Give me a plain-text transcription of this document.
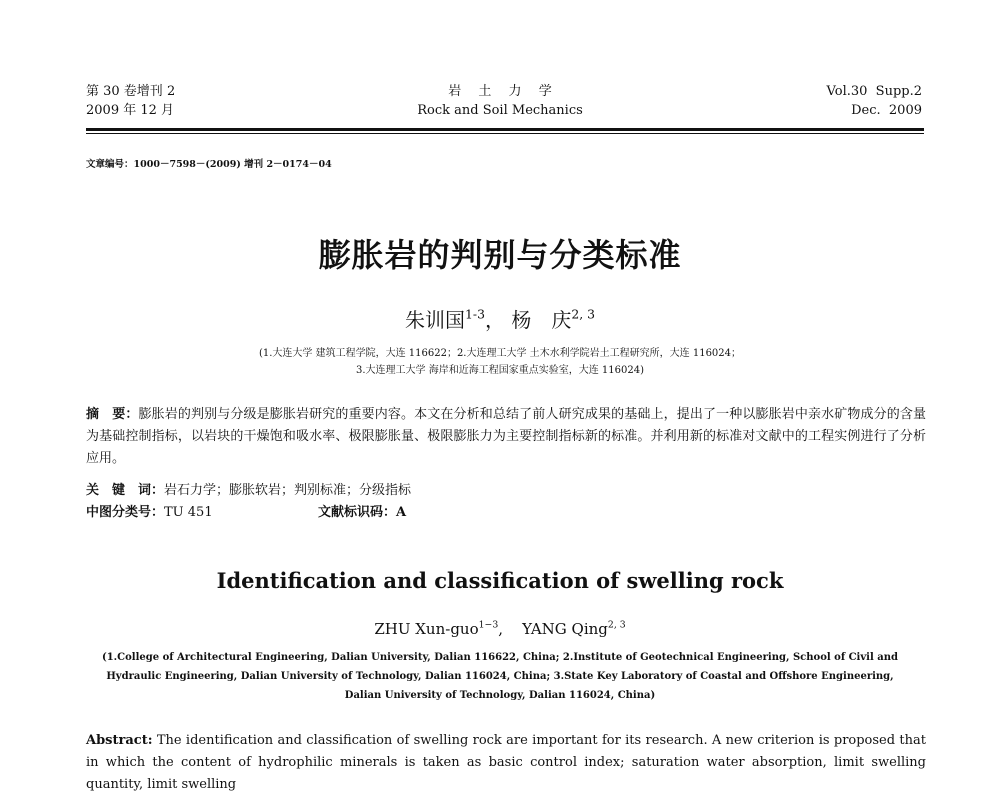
第 30 卷增刊 2
2009 年 12 月
岩　 土　 力　 学
Rock and Soil Mechanics
Vol.30  Supp.2
Dec.  2009
文章编号：1000－7598－(2009) 增刊 2－0174－04
膨胀岩的判别与分类标准
朱训国$^{1-3}$， 杨　庆$^{2, 3}$
(1.大连大学 建筑工程学院，大连 116622；2.大连理工大学 土木水利学院岩土工程研究所，大连 116024；
3.大连理工大学 海岸和近海工程国家重点实验室，大连 116024)
摘　要：膨胀岩的判别与分级是膨胀岩研究的重要内容。本文在分析和总结了前人研究成果的基础上，提出了一种以膨胀岩中亲水矿物成分的含量为基础控制指标，以岩块的干燥饱和吸水率、极限膨胀量、极限膨胀力为主要控制指标新的标准。并利用新的标准对文献中的工程实例进行了分析应用。
关　键　词：岩石力学；膨胀软岩；判别标准；分级指标
中图分类号：TU 451	文献标识码：A
Identification and classification of swelling rock
ZHU Xun-guo$^{1-3}$,    YANG Qing$^{2, 3}$
(1.College of Architectural Engineering, Dalian University, Dalian 116622, China; 2.Institute of Geotechnical Engineering, School of Civil and Hydraulic Engineering, Dalian University of Technology, Dalian 116024, China; 3.State Key Laboratory of Coastal and Offshore Engineering, Dalian University of Technology, Dalian 116024, China)
Abstract: The identification and classification of swelling rock are important for its research. A new criterion is proposed that in which the content of hydrophilic minerals is taken as basic control index; saturation water absorption, limit swelling quantity, limit swelling
